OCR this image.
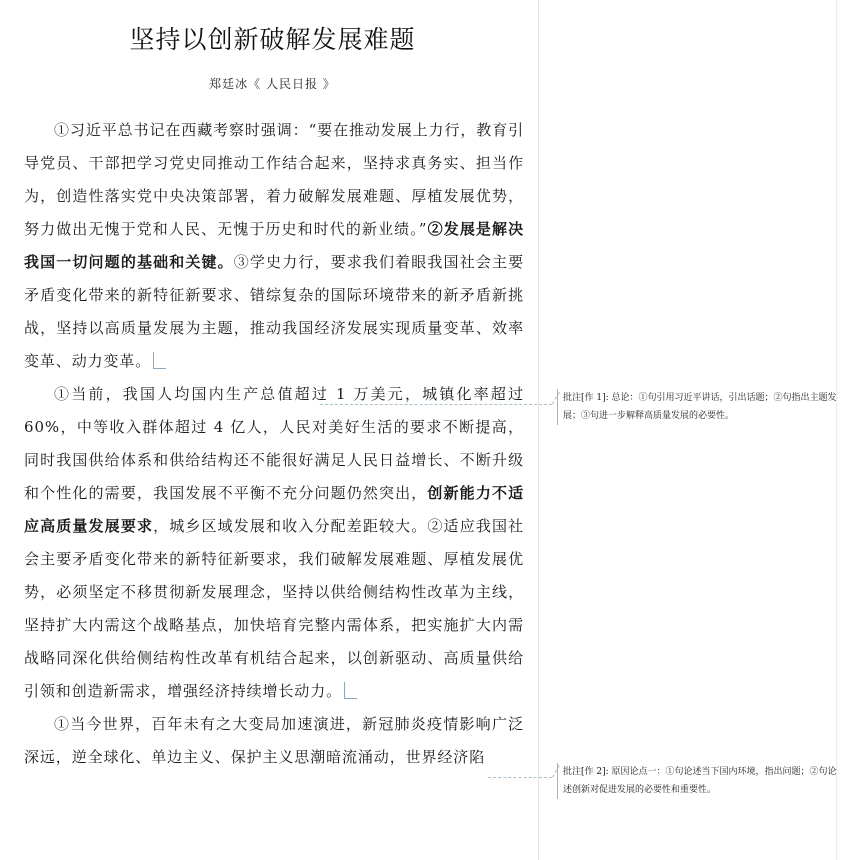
坚持以创新破解发展难题
郑廷冰《 人民日报 》

①习近平总书记在西藏考察时强调：“要在推动发展上力行，教育引导党员、干部把学习党史同推动工作结合起来，坚持求真务实、担当作为，创造性落实党中央决策部署，着力破解发展难题、厚植发展优势，努力做出无愧于党和人民、无愧于历史和时代的新业绩。”②发展是解决我国一切问题的基础和关键。③学史力行，要求我们着眼我国社会主要矛盾变化带来的新特征新要求、错综复杂的国际环境带来的新矛盾新挑战，坚持以高质量发展为主题，推动我国经济发展实现质量变革、效率变革、动力变革。

①当前，我国人均国内生产总值超过 1 万美元，城镇化率超过 60%，中等收入群体超过 4 亿人，人民对美好生活的要求不断提高，同时我国供给体系和供给结构还不能很好满足人民日益增长、不断升级和个性化的需要，我国发展不平衡不充分问题仍然突出，创新能力不适应高质量发展要求，城乡区域发展和收入分配差距较大。②适应我国社会主要矛盾变化带来的新特征新要求，我们破解发展难题、厚植发展优势，必须坚定不移贯彻新发展理念，坚持以供给侧结构性改革为主线，坚持扩大内需这个战略基点，加快培育完整内需体系，把实施扩大内需战略同深化供给侧结构性改革有机结合起来，以创新驱动、高质量供给引领和创造新需求，增强经济持续增长动力。

①当今世界，百年未有之大变局加速演进，新冠肺炎疫情影响广泛深远，逆全球化、单边主义、保护主义思潮暗流涌动，世界经济陷

批注[作 1]: 总论：①句引用习近平讲话，引出话题；②句指出主题发展；③句进一步解释高质量发展的必要性。
批注[作 2]: 原因论点一：①句论述当下国内环境，指出问题；②句论述创新对促进发展的必要性和重要性。
